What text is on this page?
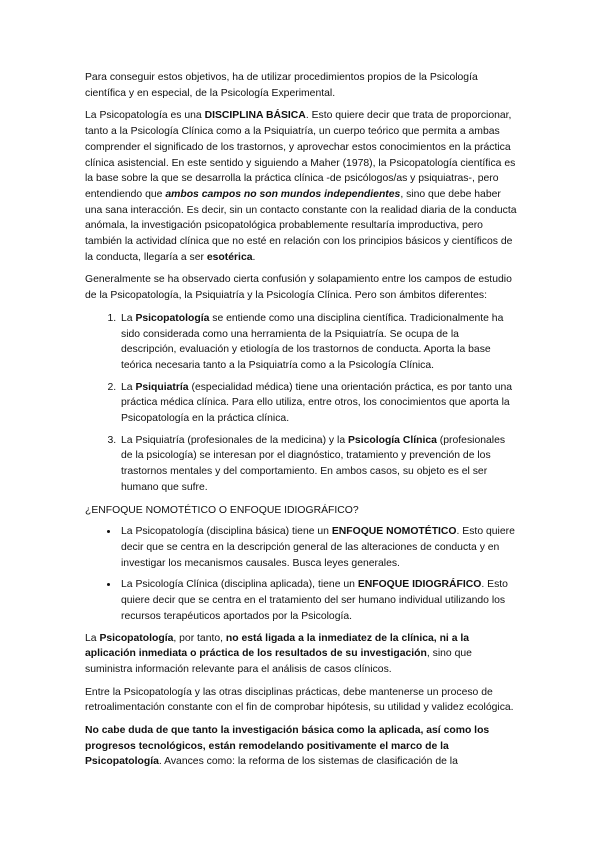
Para conseguir estos objetivos, ha de utilizar procedimientos propios de la Psicología científica y en especial, de la Psicología Experimental.

La Psicopatología es una DISCIPLINA BÁSICA. Esto quiere decir que trata de proporcionar, tanto a la Psicología Clínica como a la Psiquiatría, un cuerpo teórico que permita a ambas comprender el significado de los trastornos, y aprovechar estos conocimientos en la práctica clínica asistencial. En este sentido y siguiendo a Maher (1978), la Psicopatología científica es la base sobre la que se desarrolla la práctica clínica -de psicólogos/as y psiquiatras-, pero entendiendo que ambos campos no son mundos independientes, sino que debe haber una sana interacción. Es decir, sin un contacto constante con la realidad diaria de la conducta anómala, la investigación psicopatológica probablemente resultaría improductiva, pero también la actividad clínica que no esté en relación con los principios básicos y científicos de la conducta, llegaría a ser esotérica.

Generalmente se ha observado cierta confusión y solapamiento entre los campos de estudio de la Psicopatología, la Psiquiatría y la Psicología Clínica. Pero son ámbitos diferentes:

1. La Psicopatología se entiende como una disciplina científica. Tradicionalmente ha sido considerada como una herramienta de la Psiquiatría. Se ocupa de la descripción, evaluación y etiología de los trastornos de conducta. Aporta la base teórica necesaria tanto a la Psiquiatría como a la Psicología Clínica.
2. La Psiquiatría (especialidad médica) tiene una orientación práctica, es por tanto una práctica médica clínica. Para ello utiliza, entre otros, los conocimientos que aporta la Psicopatología en la práctica clínica.
3. La Psiquiatría (profesionales de la medicina) y la Psicología Clínica (profesionales de la psicología) se interesan por el diagnóstico, tratamiento y prevención de los trastornos mentales y del comportamiento. En ambos casos, su objeto es el ser humano que sufre.
¿ENFOQUE NOMOTÉTICO O ENFOQUE IDIOGRÁFICO?
• La Psicopatología (disciplina básica) tiene un ENFOQUE NOMOTÉTICO. Esto quiere decir que se centra en la descripción general de las alteraciones de conducta y en investigar los mecanismos causales. Busca leyes generales.
• La Psicología Clínica (disciplina aplicada), tiene un ENFOQUE IDIOGRÁFICO. Esto quiere decir que se centra en el tratamiento del ser humano individual utilizando los recursos terapéuticos aportados por la Psicología.

La Psicopatología, por tanto, no está ligada a la inmediatez de la clínica, ni a la aplicación inmediata o práctica de los resultados de su investigación, sino que suministra información relevante para el análisis de casos clínicos.

Entre la Psicopatología y las otras disciplinas prácticas, debe mantenerse un proceso de retroalimentación constante con el fin de comprobar hipótesis, su utilidad y validez ecológica.

No cabe duda de que tanto la investigación básica como la aplicada, así como los progresos tecnológicos, están remodelando positivamente el marco de la Psicopatología. Avances como: la reforma de los sistemas de clasificación de la
